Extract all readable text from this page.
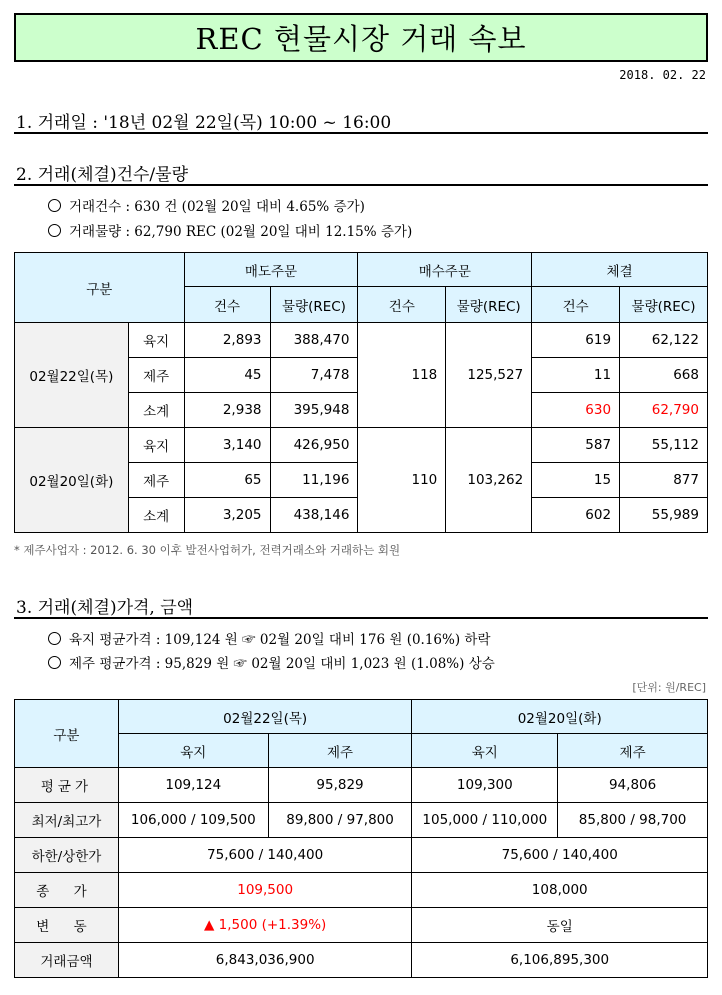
REC 현물시장 거래 속보
2018. 02. 22
1. 거래일 : '18년 02월 22일(목) 10:00 ~ 16:00
2. 거래(체결)건수/물량
거래건수 : 630 건 (02월 20일 대비 4.65% 증가)
거래물량 : 62,790 REC (02월 20일 대비 12.15% 증가)
구분		매도주문		매수주문		체결	
		건수	물량(REC)	건수	물량(REC)	건수	물량(REC)
02월22일(목)	육지	2,893	388,470	118	125,527	619	62,122
	제주	45	7,478			11	668
	소계	2,938	395,948			630	62,790
02월20일(화)	육지	3,140	426,950	110	103,262	587	55,112
	제주	65	11,196			15	877
	소계	3,205	438,146			602	55,989
* 제주사업자 : 2012. 6. 30 이후 발전사업허가, 전력거래소와 거래하는 회원
3. 거래(체결)가격, 금액
육지 평균가격 : 109,124 원 ☞ 02월 20일 대비 176 원 (0.16%) 하락
제주 평균가격 : 95,829 원 ☞ 02월 20일 대비 1,023 원 (1.08%) 상승
[단위: 원/REC]
구분	02월22일(목)		02월20일(화)	
	육지	제주	육지	제주
평균가	109,124	95,829	109,300	94,806
최저/최고가	106,000 / 109,500	89,800 / 97,800	105,000 / 110,000	85,800 / 98,700
하한/상한가	75,600 / 140,400		75,600 / 140,400	
종 가	109,500		108,000	
변 동	▲ 1,500 (+1.39%)		동일	
거래금액	6,843,036,900		6,106,895,300	
